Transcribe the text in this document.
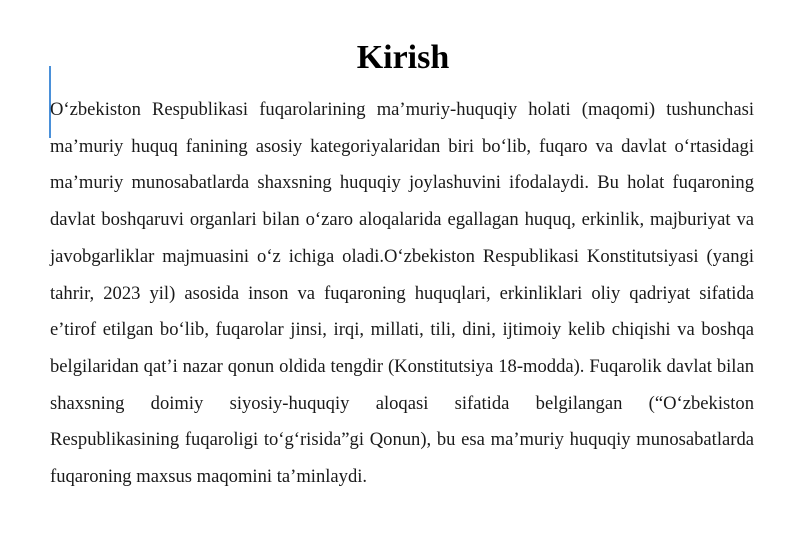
Kirish

O‘zbekiston Respublikasi fuqarolarining ma’muriy-huquqiy holati (maqomi) tushunchasi ma’muriy huquq fanining asosiy kategoriyalaridan biri bo‘lib, fuqaro va davlat o‘rtasidagi ma’muriy munosabatlarda shaxsning huquqiy joylashuvini ifodalaydi. Bu holat fuqaroning davlat boshqaruvi organlari bilan o‘zaro aloqalarida egallagan huquq, erkinlik, majburiyat va javobgarliklar majmuasini o‘z ichiga oladi.O‘zbekiston Respublikasi Konstitutsiyasi (yangi tahrir, 2023 yil) asosida inson va fuqaroning huquqlari, erkinliklari oliy qadriyat sifatida e’tirof etilgan bo‘lib, fuqarolar jinsi, irqi, millati, tili, dini, ijtimoiy kelib chiqishi va boshqa belgilaridan qat’i nazar qonun oldida tengdir (Konstitutsiya 18-modda). Fuqarolik davlat bilan shaxsning doimiy siyosiy-huquqiy aloqasi sifatida belgilangan (“O‘zbekiston Respublikasining fuqaroligi to‘g‘risida”gi Qonun), bu esa ma’muriy huquqiy munosabatlarda fuqaroning maxsus maqomini ta’minlaydi.
